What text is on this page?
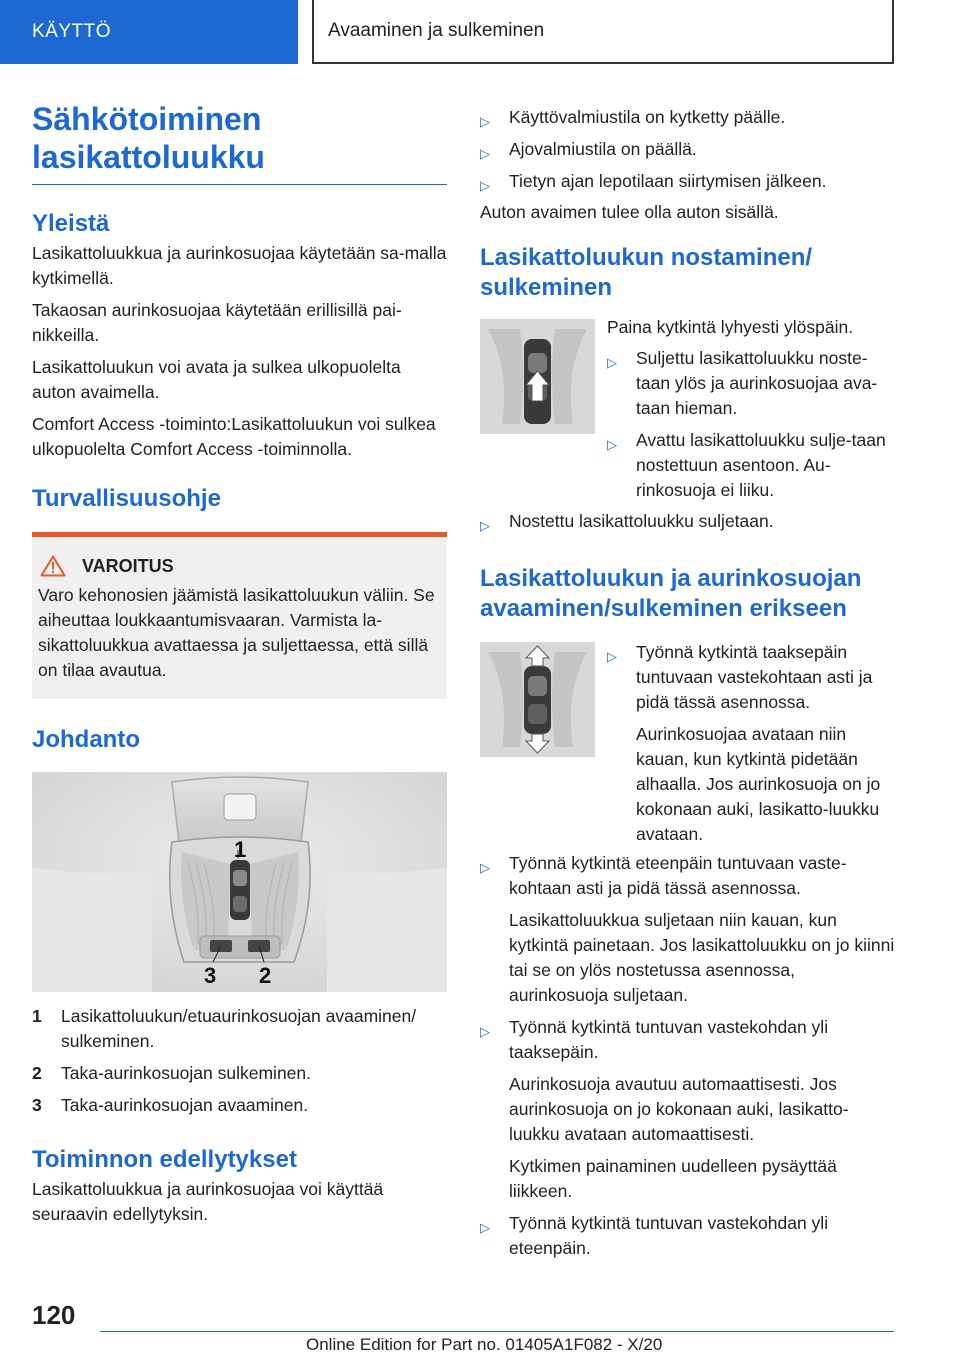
KÄYTTÖ	Avaaminen ja sulkeminen
Sähkötoiminen lasikattoluukku
Yleistä

Lasikattoluukkua ja aurinkosuojaa käytetään sa-malla kytkimellä.

Takaosan aurinkosuojaa käytetään erillisillä pai-nikkeilla.

Lasikattoluukun voi avata ja sulkea ulkopuolelta auton avaimella.

Comfort Access -toiminto:Lasikattoluukun voi sulkea ulkopuolelta Comfort Access -toiminnolla.

Turvallisuusohje
VAROITUS

Varo kehonosien jäämistä lasikattoluukun väliin. Se aiheuttaa loukkaantumisvaaran. Varmista la-sikattoluukkua avattaessa ja suljettaessa, että sillä on tilaa avautua.

Johdanto
1
3 2
1 Lasikattoluukun/etuaurinkosuojan avaaminen/ sulkeminen.
2 Taka-aurinkosuojan sulkeminen.
3 Taka-aurinkosuojan avaaminen.
Toiminnon edellytykset

Lasikattoluukkua ja aurinkosuojaa voi käyttää seuraavin edellytyksin.

▷ Käyttövalmiustila on kytketty päälle.
▷ Ajovalmiustila on päällä.
▷ Tietyn ajan lepotilaan siirtymisen jälkeen.

Auton avaimen tulee olla auton sisällä.

Lasikattoluukun nostaminen/ sulkeminen

Paina kytkintä lyhyesti ylöspäin.

▷ Suljettu lasikattoluukku noste-taan ylös ja aurinkosuojaa ava-taan hieman.
▷ Avattu lasikattoluukku sulje-taan nostettuun asentoon. Au-rinkosuoja ei liiku.
▷ Nostettu lasikattoluukku suljetaan.
Lasikattoluukun ja aurinkosuojan avaaminen/sulkeminen erikseen
▷ Työnnä kytkintä taaksepäin tuntuvaan vastekohtaan asti ja pidä tässä asennossa.

Aurinkosuojaa avataan niin kauan, kun kytkintä pidetään alhaalla. Jos aurinkosuoja on jo kokonaan auki, lasikatto-luukku avataan.

▷ Työnnä kytkintä eteenpäin tuntuvaan vaste-kohtaan asti ja pidä tässä asennossa.

Lasikattoluukkua suljetaan niin kauan, kun kytkintä painetaan. Jos lasikattoluukku on jo kiinni tai se on ylös nostetussa asennossa, aurinkosuoja suljetaan.

▷ Työnnä kytkintä tuntuvan vastekohdan yli taaksepäin.

Aurinkosuoja avautuu automaattisesti. Jos aurinkosuoja on jo kokonaan auki, lasikatto-luukku avataan automaattisesti.

Kytkimen painaminen uudelleen pysäyttää liikkeen.

▷ Työnnä kytkintä tuntuvan vastekohdan yli eteenpäin.
120
Online Edition for Part no. 01405A1F082 - X/20
